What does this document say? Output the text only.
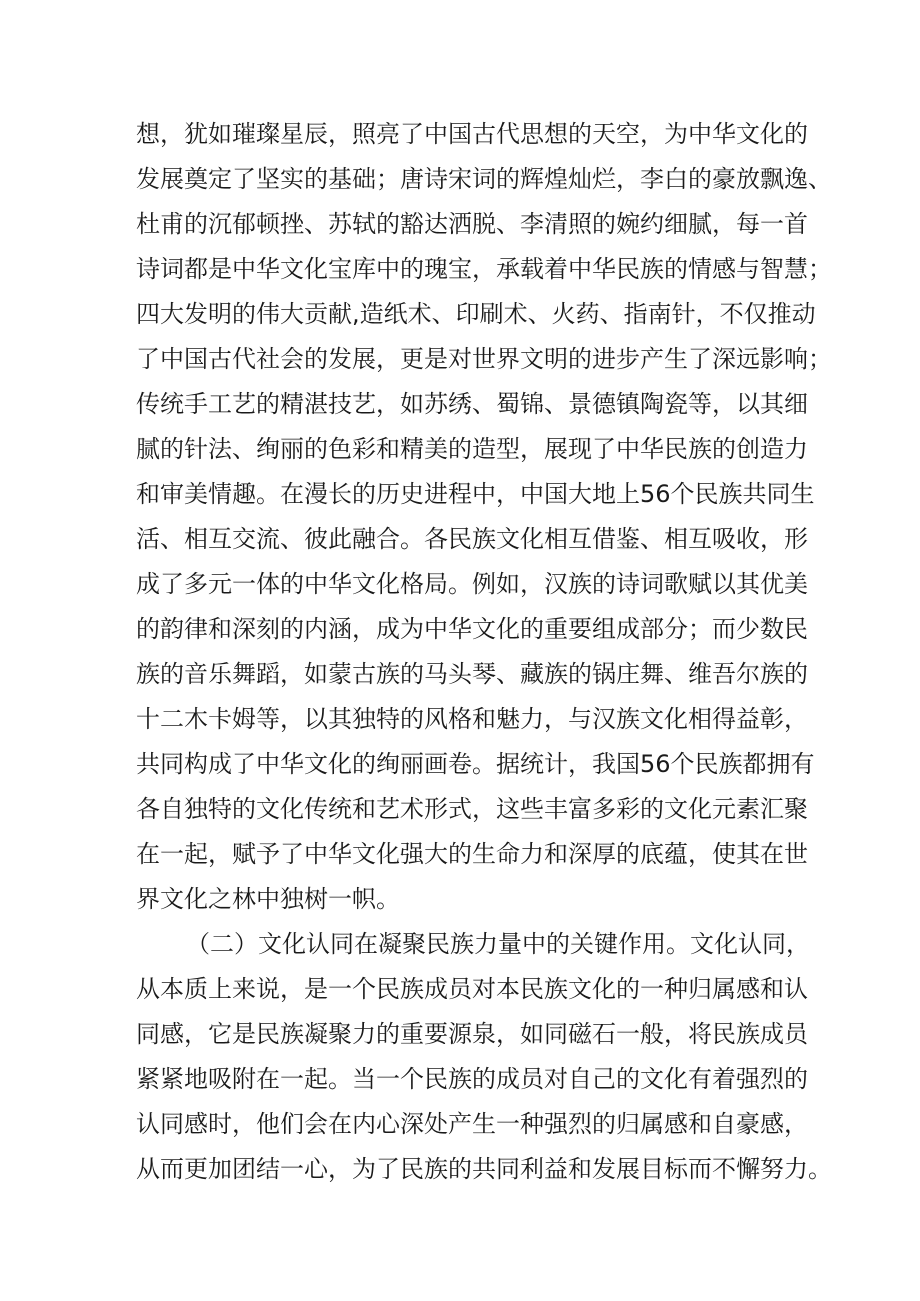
想，犹如璀璨星辰，照亮了中国古代思想的天空，为中华文化的
发展奠定了坚实的基础；唐诗宋词的辉煌灿烂，李白的豪放飘逸、
杜甫的沉郁顿挫、苏轼的豁达洒脱、李清照的婉约细腻，每一首
诗词都是中华文化宝库中的瑰宝，承载着中华民族的情感与智慧；
四大发明的伟大贡献,造纸术、印刷术、火药、指南针，不仅推动
了中国古代社会的发展，更是对世界文明的进步产生了深远影响；
传统手工艺的精湛技艺，如苏绣、蜀锦、景德镇陶瓷等，以其细
腻的针法、绚丽的色彩和精美的造型，展现了中华民族的创造力
和审美情趣。在漫长的历史进程中，中国大地上56个民族共同生
活、相互交流、彼此融合。各民族文化相互借鉴、相互吸收，形
成了多元一体的中华文化格局。例如，汉族的诗词歌赋以其优美
的韵律和深刻的内涵，成为中华文化的重要组成部分；而少数民
族的音乐舞蹈，如蒙古族的马头琴、藏族的锅庄舞、维吾尔族的
十二木卡姆等，以其独特的风格和魅力，与汉族文化相得益彰，
共同构成了中华文化的绚丽画卷。据统计，我国56个民族都拥有
各自独特的文化传统和艺术形式，这些丰富多彩的文化元素汇聚
在一起，赋予了中华文化强大的生命力和深厚的底蕴，使其在世
界文化之林中独树一帜。
（二）文化认同在凝聚民族力量中的关键作用。文化认同，
从本质上来说，是一个民族成员对本民族文化的一种归属感和认
同感，它是民族凝聚力的重要源泉，如同磁石一般，将民族成员
紧紧地吸附在一起。当一个民族的成员对自己的文化有着强烈的
认同感时，他们会在内心深处产生一种强烈的归属感和自豪感，
从而更加团结一心，为了民族的共同利益和发展目标而不懈努力。
